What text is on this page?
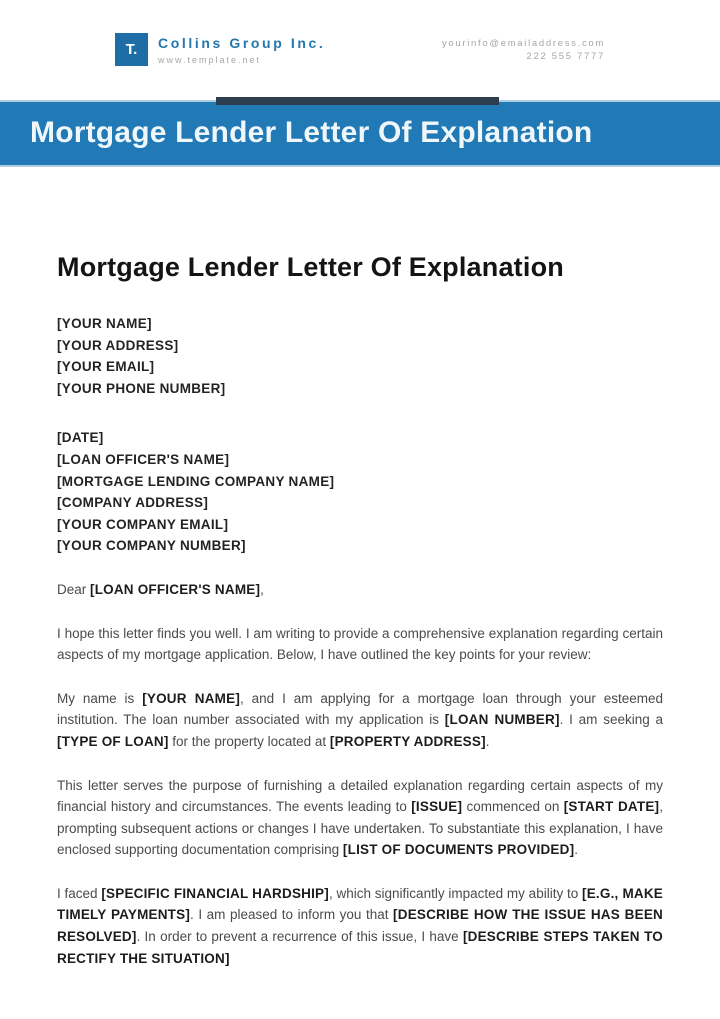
T. Collins Group Inc.
www.template.net
yourinfo@emailaddress.com
222 555 7777
Mortgage Lender Letter Of Explanation
Mortgage Lender Letter Of Explanation
[YOUR NAME]
[YOUR ADDRESS]
[YOUR EMAIL]
[YOUR PHONE NUMBER]
[DATE]
[LOAN OFFICER'S NAME]
[MORTGAGE LENDING COMPANY NAME]
[COMPANY ADDRESS]
[YOUR COMPANY EMAIL]
[YOUR COMPANY NUMBER]

Dear [LOAN OFFICER'S NAME],

I hope this letter finds you well. I am writing to provide a comprehensive explanation regarding certain aspects of my mortgage application. Below, I have outlined the key points for your review:

My name is [YOUR NAME], and I am applying for a mortgage loan through your esteemed institution. The loan number associated with my application is [LOAN NUMBER]. I am seeking a [TYPE OF LOAN] for the property located at [PROPERTY ADDRESS].

This letter serves the purpose of furnishing a detailed explanation regarding certain aspects of my financial history and circumstances. The events leading to [ISSUE] commenced on [START DATE], prompting subsequent actions or changes I have undertaken. To substantiate this explanation, I have enclosed supporting documentation comprising [LIST OF DOCUMENTS PROVIDED].

I faced [SPECIFIC FINANCIAL HARDSHIP], which significantly impacted my ability to [E.G., MAKE TIMELY PAYMENTS]. I am pleased to inform you that [DESCRIBE HOW THE ISSUE HAS BEEN RESOLVED]. In order to prevent a recurrence of this issue, I have [DESCRIBE STEPS TAKEN TO RECTIFY THE SITUATION]
